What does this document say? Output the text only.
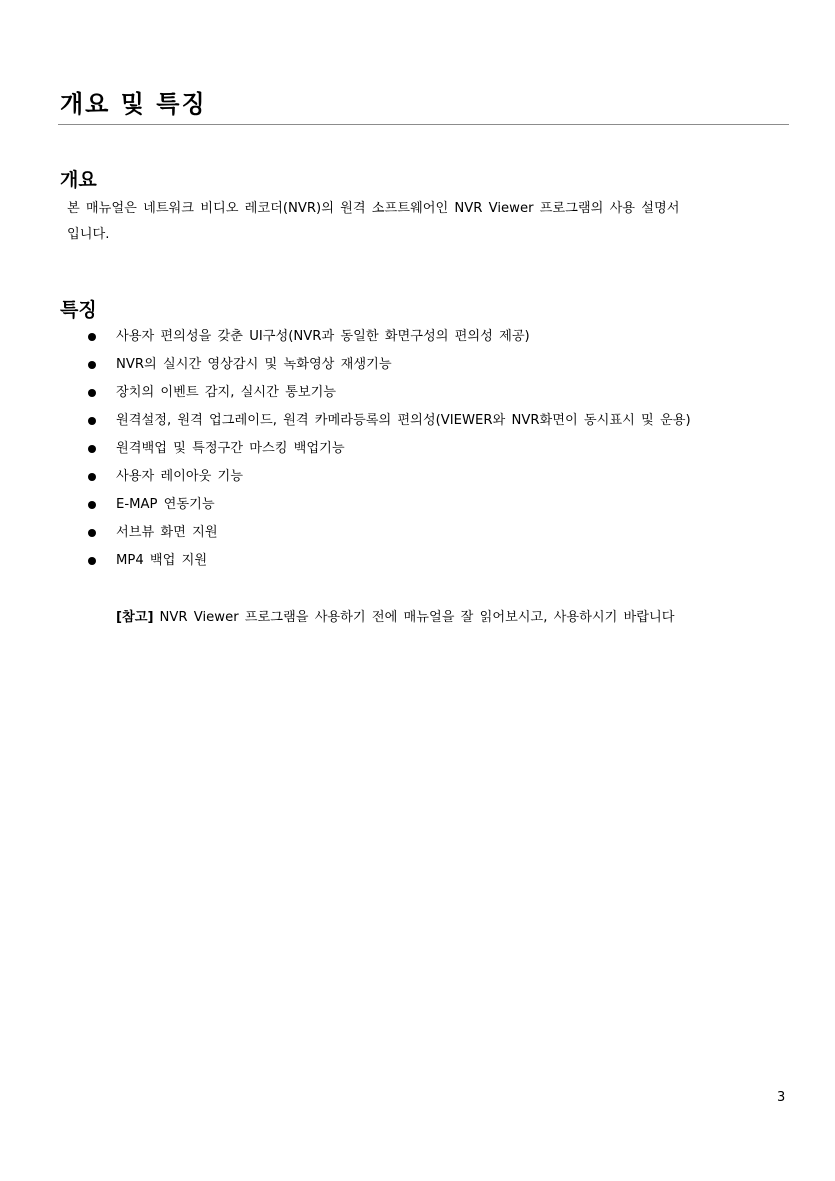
개요 및 특징
개요
본 매뉴얼은 네트워크 비디오 레코더(NVR)의 원격 소프트웨어인 NVR Viewer 프로그램의 사용 설명서
입니다.
특징
사용자 편의성을 갖춘 UI구성(NVR과 동일한 화면구성의 편의성 제공)
NVR의 실시간 영상감시 및 녹화영상 재생기능
장치의 이벤트 감지, 실시간 통보기능
원격설정, 원격 업그레이드, 원격 카메라등록의 편의성(VIEWER와 NVR화면이 동시표시 및 운용)
원격백업 및 특정구간 마스킹 백업기능
사용자 레이아웃 기능
E-MAP 연동기능
서브뷰 화면 지원
MP4 백업 지원
[참고] NVR Viewer 프로그램을 사용하기 전에 매뉴얼을 잘 읽어보시고, 사용하시기 바랍니다
3
